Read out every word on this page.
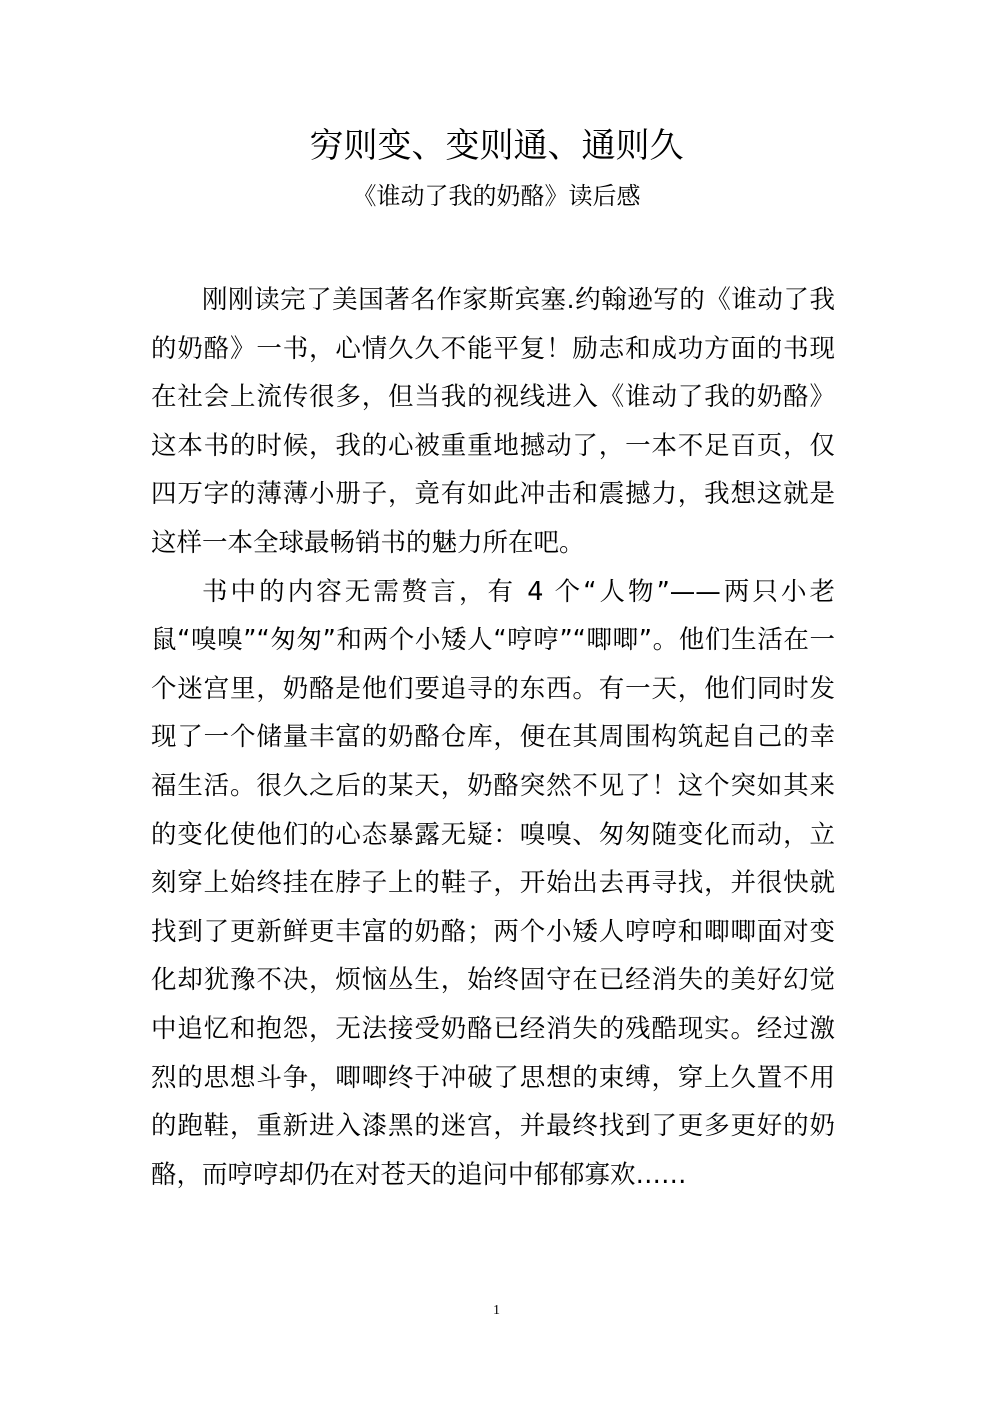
穷则变、变则通、通则久
《谁动了我的奶酪》读后感

刚刚读完了美国著名作家斯宾塞.约翰逊写的《谁动了我的奶酪》一书，心情久久不能平复！励志和成功方面的书现在社会上流传很多，但当我的视线进入《谁动了我的奶酪》这本书的时候，我的心被重重地撼动了，一本不足百页，仅四万字的薄薄小册子，竟有如此冲击和震撼力，我想这就是这样一本全球最畅销书的魅力所在吧。

书中的内容无需赘言，有 4 个“人物”——两只小老鼠“嗅嗅”“匆匆”和两个小矮人“哼哼”“唧唧”。他们生活在一个迷宫里，奶酪是他们要追寻的东西。有一天，他们同时发现了一个储量丰富的奶酪仓库，便在其周围构筑起自己的幸福生活。很久之后的某天，奶酪突然不见了！这个突如其来的变化使他们的心态暴露无疑：嗅嗅、匆匆随变化而动，立刻穿上始终挂在脖子上的鞋子，开始出去再寻找，并很快就找到了更新鲜更丰富的奶酪；两个小矮人哼哼和唧唧面对变化却犹豫不决，烦恼丛生，始终固守在已经消失的美好幻觉中追忆和抱怨，无法接受奶酪已经消失的残酷现实。经过激烈的思想斗争，唧唧终于冲破了思想的束缚，穿上久置不用的跑鞋，重新进入漆黑的迷宫，并最终找到了更多更好的奶酪，而哼哼却仍在对苍天的追问中郁郁寡欢……

1
